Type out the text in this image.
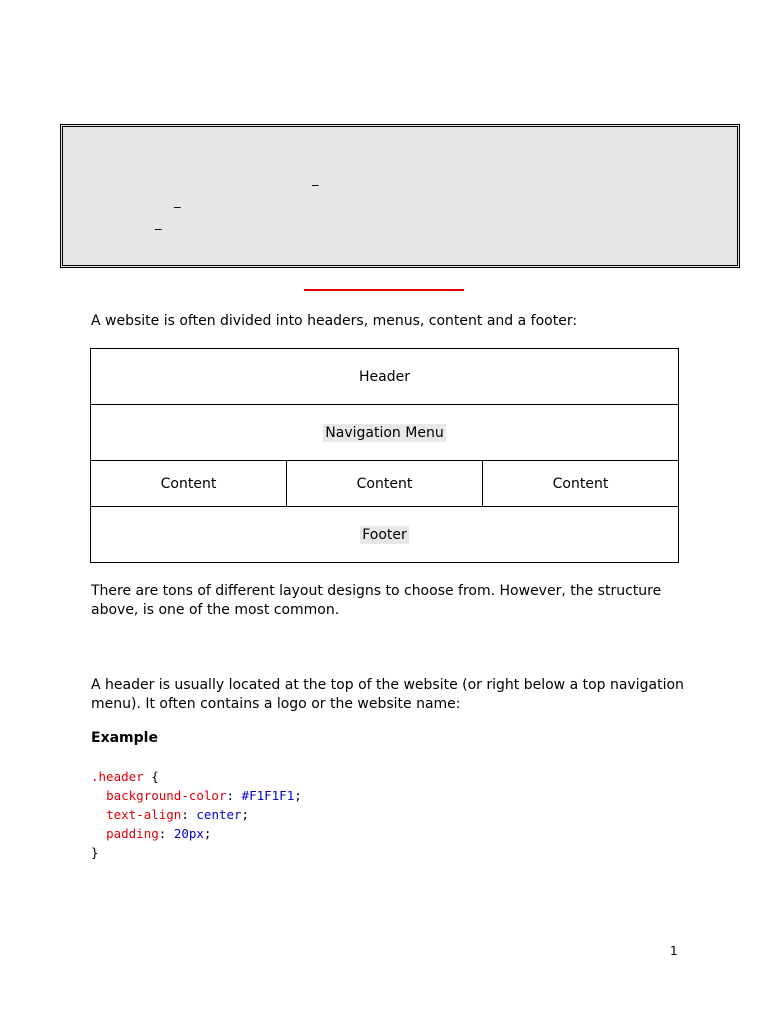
_
_
_

A website is often divided into headers, menus, content and a footer:

Header
Navigation Menu
Content	Content	Content
Footer

There are tons of different layout designs to choose from. However, the structure above, is one of the most common.

A header is usually located at the top of the website (or right below a top navigation menu). It often contains a logo or the website name:

Example

.header {
background-color: #F1F1F1;
text-align: center;
padding: 20px;
}
1
